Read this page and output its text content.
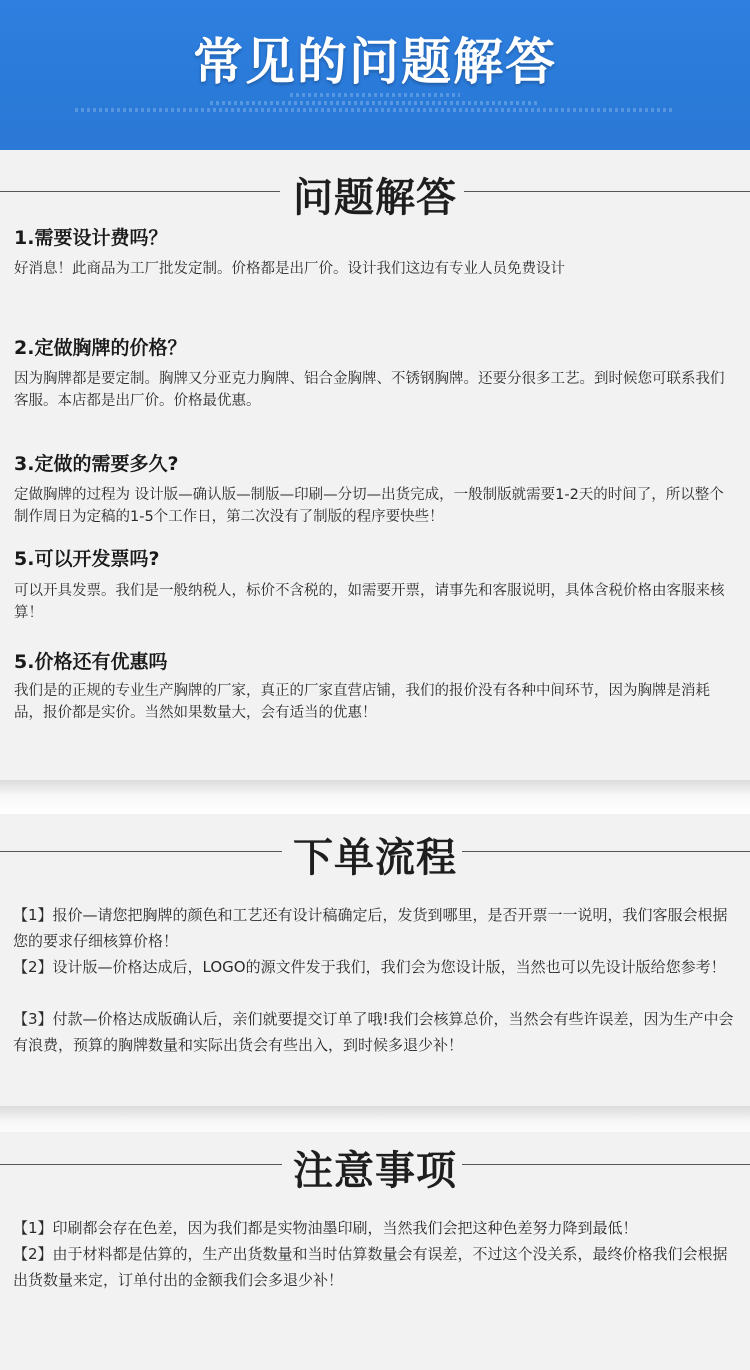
常见的问题解答
问题解答
1.需要设计费吗？
好消息！此商品为工厂批发定制。价格都是出厂价。设计我们这边有专业人员免费设计
2.定做胸牌的价格？
因为胸牌都是要定制。胸牌又分亚克力胸牌、铝合金胸牌、不锈钢胸牌。还要分很多工艺。到时候您可联系我们客服。本店都是出厂价。价格最优惠。
3.定做的需要多久?
定做胸牌的过程为 设计版—确认版—制版—印刷—分切—出货完成，一般制版就需要1-2天的时间了，所以整个制作周日为定稿的1-5个工作日，第二次没有了制版的程序要快些！
5.可以开发票吗?
可以开具发票。我们是一般纳税人，标价不含税的，如需要开票，请事先和客服说明，具体含税价格由客服来核算！
5.价格还有优惠吗
我们是的正规的专业生产胸牌的厂家，真正的厂家直营店铺，我们的报价没有各种中间环节，因为胸牌是消耗品，报价都是实价。当然如果数量大，会有适当的优惠！
下单流程
【1】报价—请您把胸牌的颜色和工艺还有设计稿确定后，发货到哪里，是否开票一一说明，我们客服会根据您的要求仔细核算价格！
【2】设计版—价格达成后，LOGO的源文件发于我们，我们会为您设计版，当然也可以先设计版给您参考！
【3】付款—价格达成版确认后，亲们就要提交订单了哦!我们会核算总价，当然会有些许误差，因为生产中会有浪费，预算的胸牌数量和实际出货会有些出入，到时候多退少补！
注意事项
【1】印刷都会存在色差，因为我们都是实物油墨印刷，当然我们会把这种色差努力降到最低！
【2】由于材料都是估算的，生产出货数量和当时估算数量会有误差，不过这个没关系，最终价格我们会根据出货数量来定，订单付出的金额我们会多退少补！
